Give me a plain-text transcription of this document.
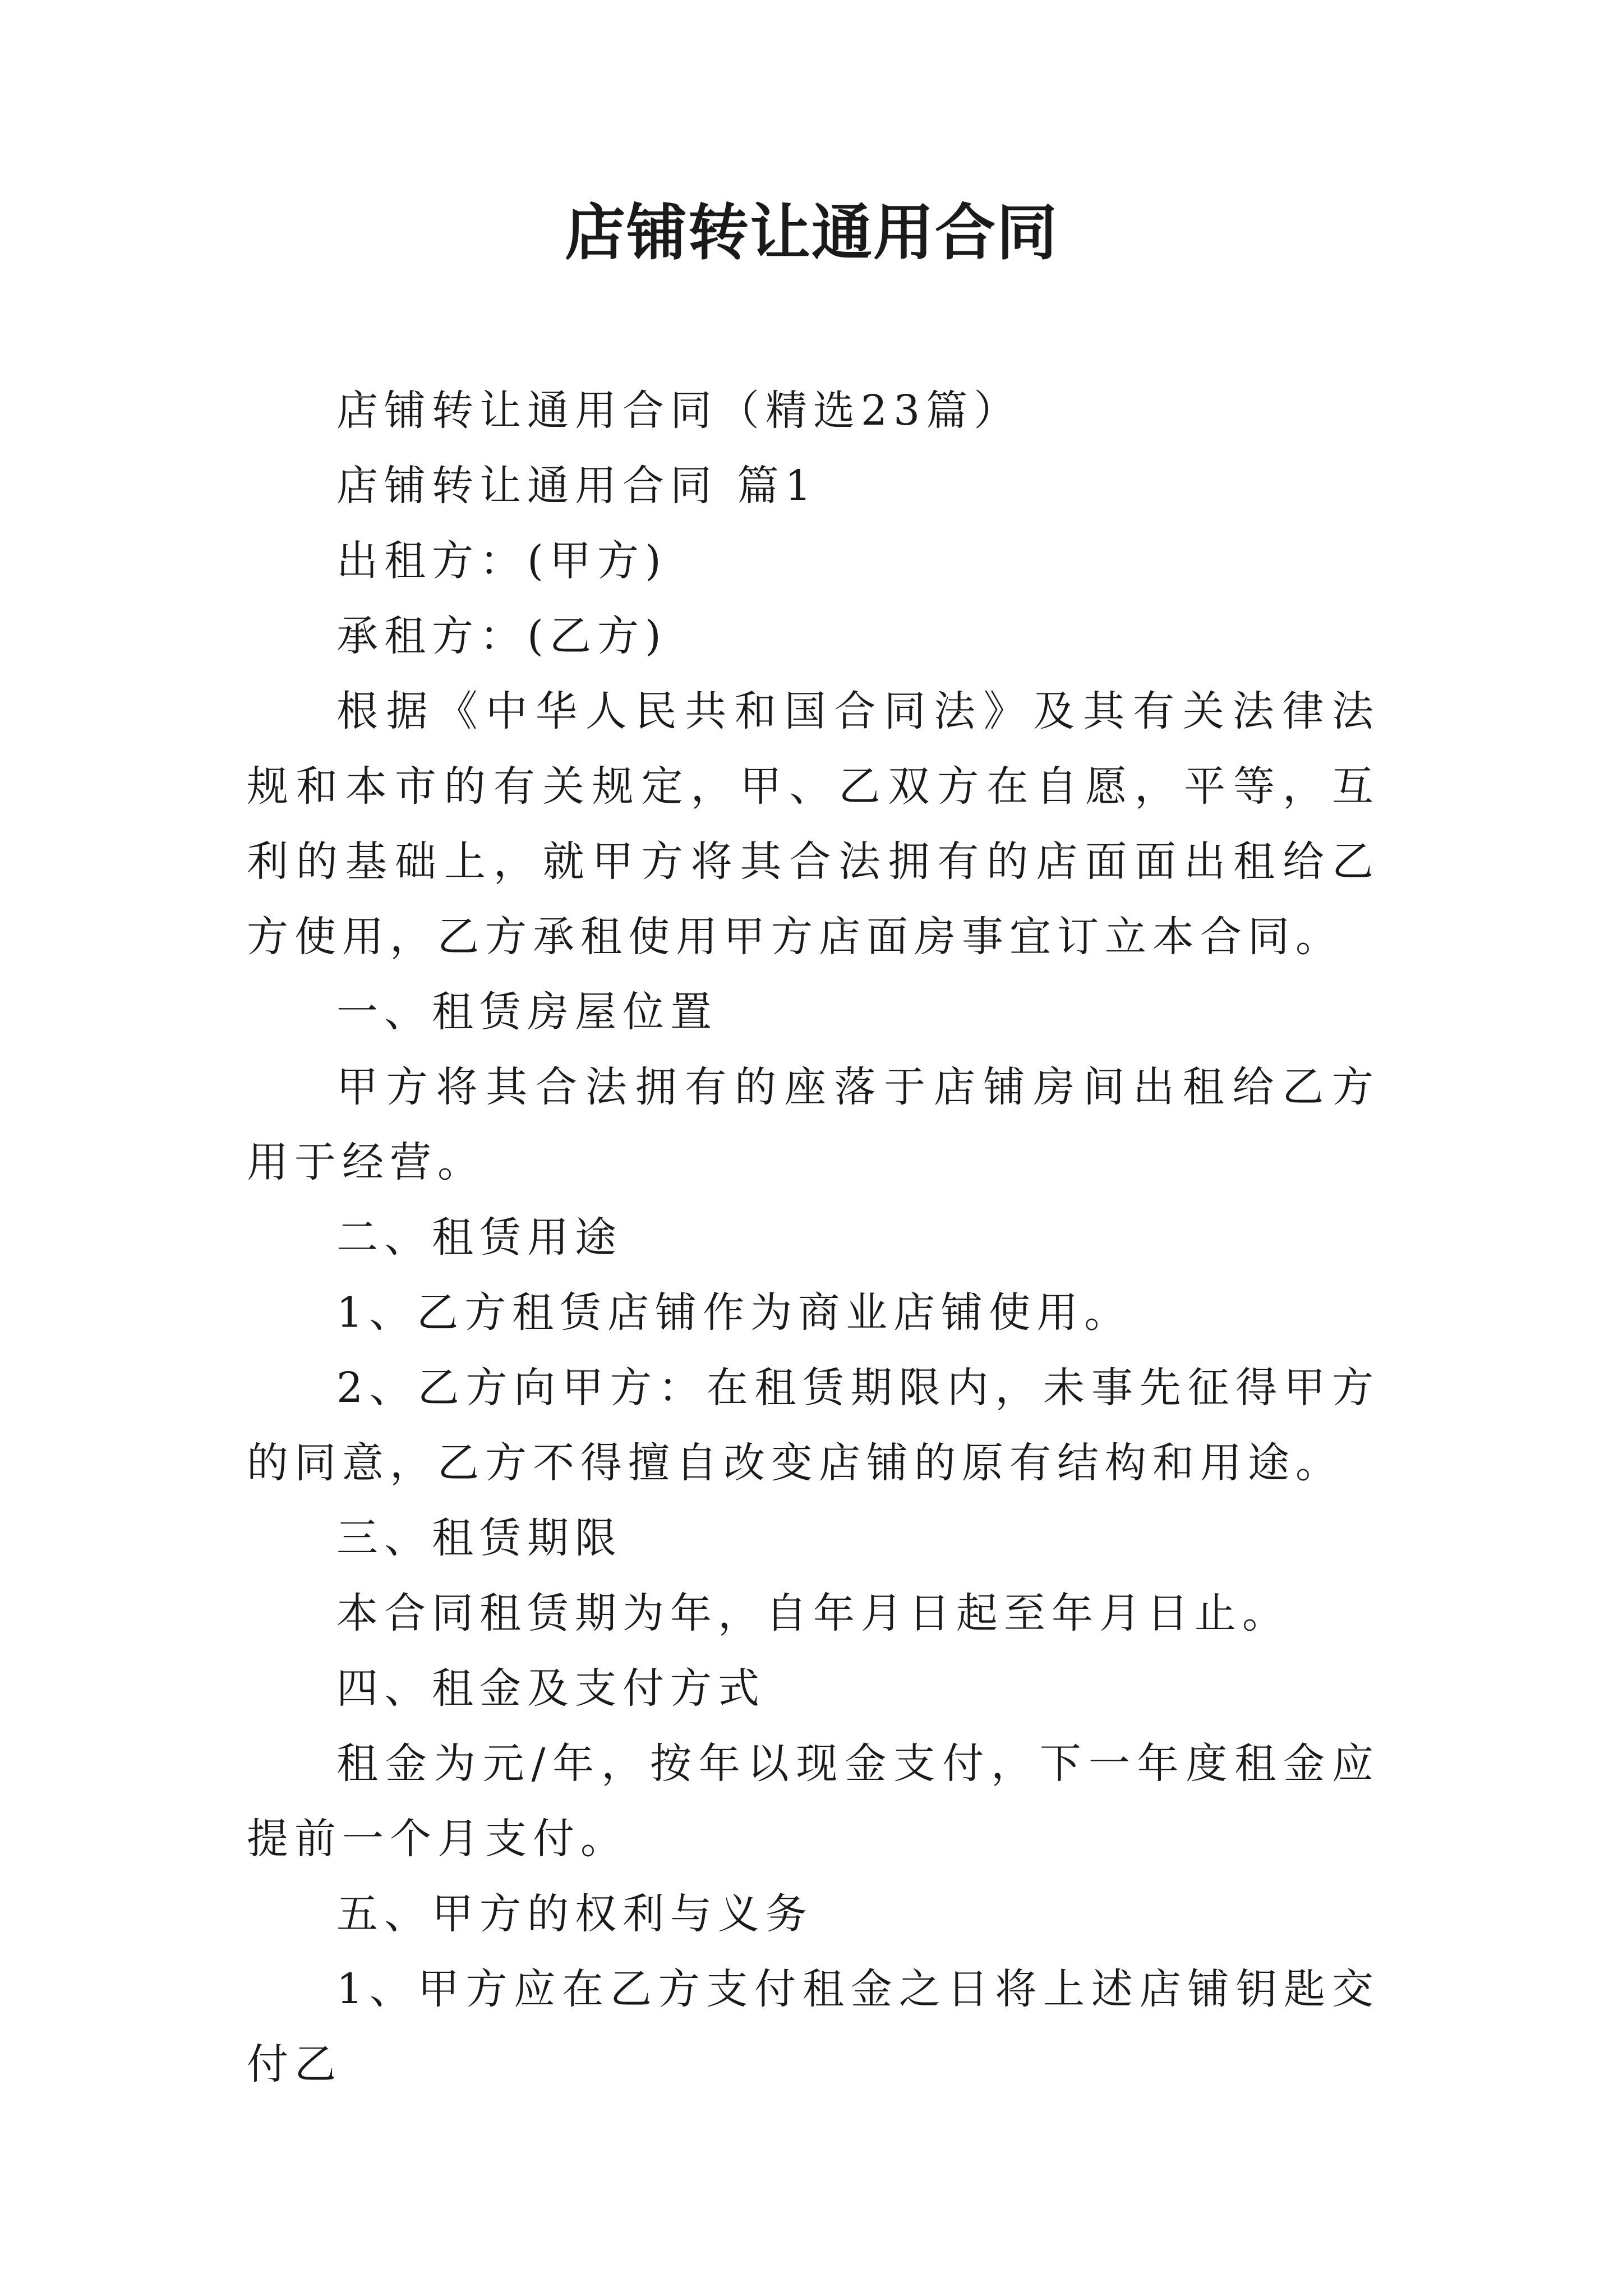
店铺转让通用合同

店铺转让通用合同（精选23篇）

店铺转让通用合同 篇1

出租方：(甲方)

承租方：(乙方)

根据《中华人民共和国合同法》及其有关法律法规和本市的有关规定，甲、乙双方在自愿，平等，互利的基础上，就甲方将其合法拥有的店面面出租给乙方使用，乙方承租使用甲方店面房事宜订立本合同。

一、租赁房屋位置

甲方将其合法拥有的座落于店铺房间出租给乙方用于经营。

二、租赁用途

1、乙方租赁店铺作为商业店铺使用。

2、乙方向甲方：在租赁期限内，未事先征得甲方的同意，乙方不得擅自改变店铺的原有结构和用途。

三、租赁期限

本合同租赁期为年，自年月日起至年月日止。

四、租金及支付方式

租金为元/年，按年以现金支付，下一年度租金应提前一个月支付。

五、甲方的权利与义务

1、甲方应在乙方支付租金之日将上述店铺钥匙交付乙
